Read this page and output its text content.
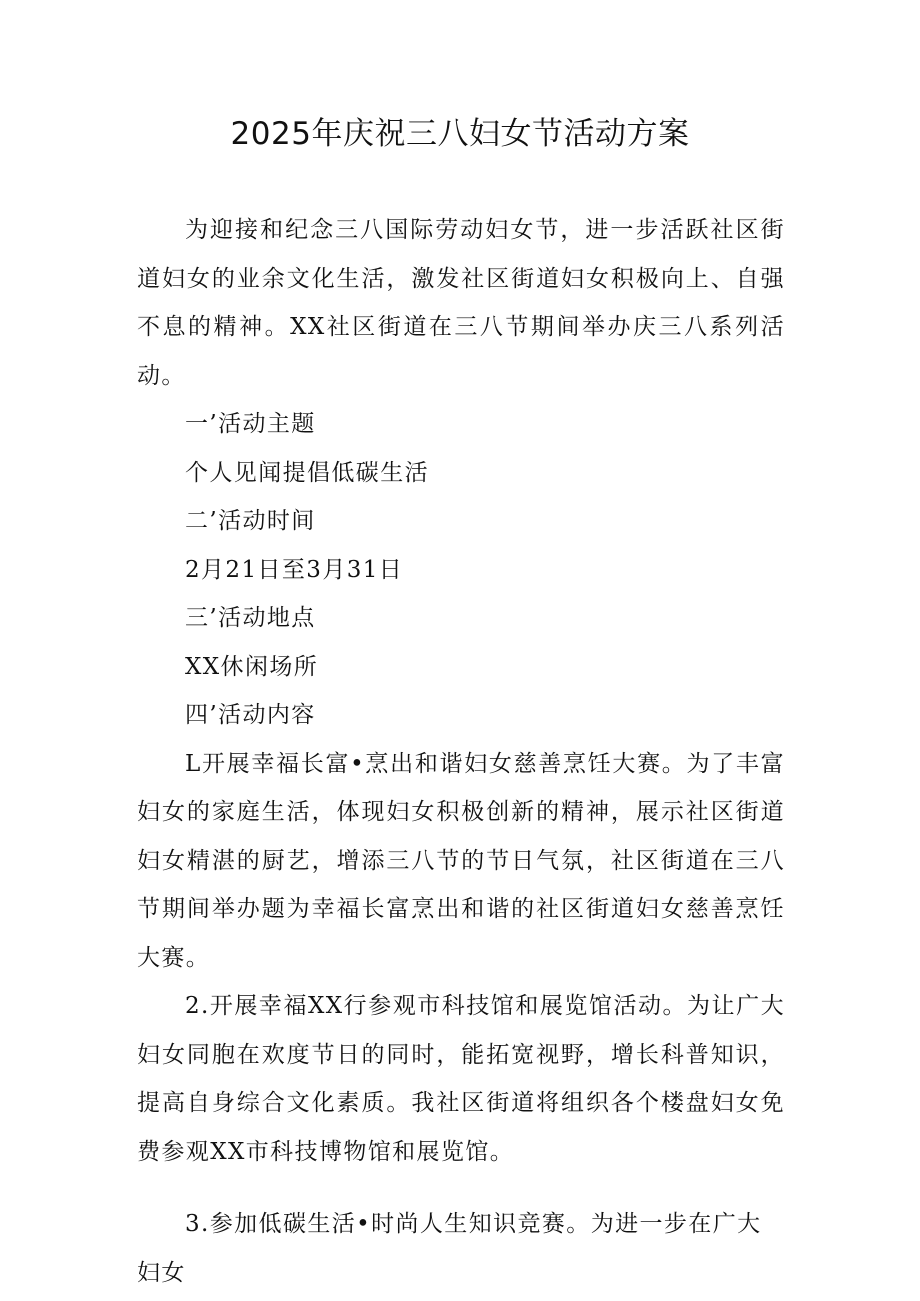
2025年庆祝三八妇女节活动方案

为迎接和纪念三八国际劳动妇女节，进一步活跃社区街道妇女的业余文化生活，激发社区街道妇女积极向上、自强不息的精神。XX社区街道在三八节期间举办庆三八系列活动。

一’活动主题

个人见闻提倡低碳生活

二’活动时间

2月21日至3月31日

三’活动地点

XX休闲场所

四’活动内容

L开展幸福长富•烹出和谐妇女慈善烹饪大赛。为了丰富妇女的家庭生活，体现妇女积极创新的精神，展示社区街道妇女精湛的厨艺，增添三八节的节日气氛，社区街道在三八节期间举办题为幸福长富烹出和谐的社区街道妇女慈善烹饪大赛。

2.开展幸福XX行参观市科技馆和展览馆活动。为让广大妇女同胞在欢度节日的同时，能拓宽视野，增长科普知识，提高自身综合文化素质。我社区街道将组织各个楼盘妇女免费参观XX市科技博物馆和展览馆。

3.参加低碳生活•时尚人生知识竞赛。为进一步在广大妇女
